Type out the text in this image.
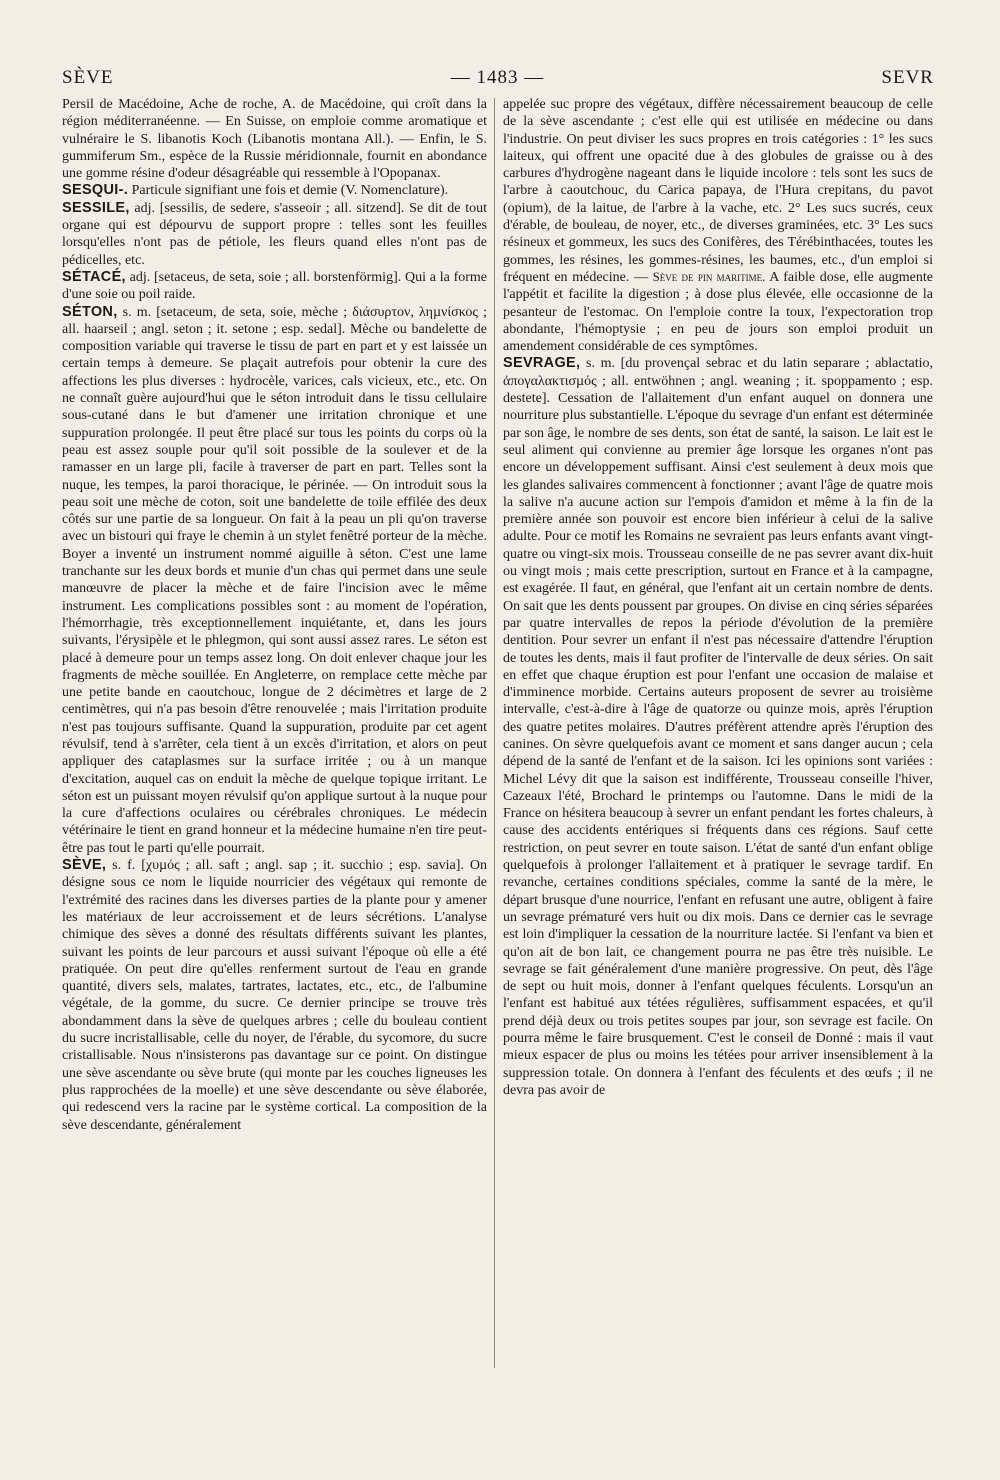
SÈVE	— 1483 —	SEVR

Persil de Macédoine, Ache de roche, A. de Macédoine, qui croît dans la région méditerranéenne. — En Suisse, on emploie comme aromatique et vulnéraire le S. libanotis Koch (Libanotis montana All.). — Enfin, le S. gummiferum Sm., espèce de la Russie méridionnale, fournit en abondance une gomme résine d'odeur désagréable qui ressemble à l'Opopanax.

SESQUI-. Particule signifiant une fois et demie (V. Nomenclature).

SESSILE, adj. [sessilis, de sedere, s'asseoir ; all. sitzend]. Se dit de tout organe qui est dépourvu de support propre : telles sont les feuilles lorsqu'elles n'ont pas de pétiole, les fleurs quand elles n'ont pas de pédicelles, etc.

SÉTACÉ, adj. [setaceus, de seta, soie ; all. borstenförmig]. Qui a la forme d'une soie ou poil raide.

SÉTON, s. m. [setaceum, de seta, soie, mèche ; διάσυρτον, ληµνίσκος ; all. haarseil ; angl. seton ; it. setone ; esp. sedal]. Mèche ou bandelette de composition variable qui traverse le tissu de part en part et y est laissée un certain temps à demeure. Se plaçait autrefois pour obtenir la cure des affections les plus diverses : hydrocèle, varices, cals vicieux, etc., etc. On ne connaît guère aujourd'hui que le séton introduit dans le tissu cellulaire sous-cutané dans le but d'amener une irritation chronique et une suppuration prolongée. Il peut être placé sur tous les points du corps où la peau est assez souple pour qu'il soit possible de la soulever et de la ramasser en un large pli, facile à traverser de part en part. Telles sont la nuque, les tempes, la paroi thoracique, le périnée. — On introduit sous la peau soit une mèche de coton, soit une bandelette de toile effilée des deux côtés sur une partie de sa longueur. On fait à la peau un pli qu'on traverse avec un bistouri qui fraye le chemin à un stylet fenêtré porteur de la mèche. Boyer a inventé un instrument nommé aiguille à séton. C'est une lame tranchante sur les deux bords et munie d'un chas qui permet dans une seule manœuvre de placer la mèche et de faire l'incision avec le même instrument. Les complications possibles sont : au moment de l'opération, l'hémorrhagie, très exceptionnellement inquiétante, et, dans les jours suivants, l'érysipèle et le phlegmon, qui sont aussi assez rares. Le séton est placé à demeure pour un temps assez long. On doit enlever chaque jour les fragments de mèche souillée. En Angleterre, on remplace cette mèche par une petite bande en caoutchouc, longue de 2 décimètres et large de 2 centimètres, qui n'a pas besoin d'être renouvelée ; mais l'irritation produite n'est pas toujours suffisante. Quand la suppuration, produite par cet agent révulsif, tend à s'arrêter, cela tient à un excès d'irritation, et alors on peut appliquer des cataplasmes sur la surface irritée ; ou à un manque d'excitation, auquel cas on enduit la mèche de quelque topique irritant. Le séton est un puissant moyen révulsif qu'on applique surtout à la nuque pour la cure d'affections oculaires ou cérébrales chroniques. Le médecin vétérinaire le tient en grand honneur et la médecine humaine n'en tire peut-être pas tout le parti qu'elle pourrait.

SÈVE, s. f. [χυµός ; all. saft ; angl. sap ; it. succhio ; esp. savia]. On désigne sous ce nom le liquide nourricier des végétaux qui remonte de l'extrémité des racines dans les diverses parties de la plante pour y amener les matériaux de leur accroissement et de leurs sécrétions. L'analyse chimique des sèves a donné des résultats différents suivant les plantes, suivant les points de leur parcours et aussi suivant l'époque où elle a été pratiquée. On peut dire qu'elles renferment surtout de l'eau en grande quantité, divers sels, malates, tartrates, lactates, etc., etc., de l'albumine végétale, de la gomme, du sucre. Ce dernier principe se trouve très abondamment dans la sève de quelques arbres ; celle du bouleau contient du sucre incristallisable, celle du noyer, de l'érable, du sycomore, du sucre cristallisable. Nous n'insisterons pas davantage sur ce point. On distingue une sève ascendante ou sève brute (qui monte par les couches ligneuses les plus rapprochées de la moelle) et une sève descendante ou sève élaborée, qui redescend vers la racine par le système cortical. La composition de la sève descendante, généralement

appelée suc propre des végétaux, diffère nécessairement beaucoup de celle de la sève ascendante ; c'est elle qui est utilisée en médecine ou dans l'industrie. On peut diviser les sucs propres en trois catégories : 1° les sucs laiteux, qui offrent une opacité due à des globules de graisse ou à des carbures d'hydrogène nageant dans le liquide incolore : tels sont les sucs de l'arbre à caoutchouc, du Carica papaya, de l'Hura crepitans, du pavot (opium), de la laitue, de l'arbre à la vache, etc. 2° Les sucs sucrés, ceux d'érable, de bouleau, de noyer, etc., de diverses graminées, etc. 3° Les sucs résineux et gommeux, les sucs des Conifères, des Térébinthacées, toutes les gommes, les résines, les gommes-résines, les baumes, etc., d'un emploi si fréquent en médecine. — Sève de pin maritime. A faible dose, elle augmente l'appétit et facilite la digestion ; à dose plus élevée, elle occasionne de la pesanteur de l'estomac. On l'emploie contre la toux, l'expectoration trop abondante, l'hémoptysie ; en peu de jours son emploi produit un amendement considérable de ces symptômes.

SEVRAGE, s. m. [du provençal sebrac et du latin separare ; ablactatio, ἀπογαλακτισµός ; all. entwöhnen ; angl. weaning ; it. spoppamento ; esp. destete]. Cessation de l'allaitement d'un enfant auquel on donnera une nourriture plus substantielle. L'époque du sevrage d'un enfant est déterminée par son âge, le nombre de ses dents, son état de santé, la saison. Le lait est le seul aliment qui convienne au premier âge lorsque les organes n'ont pas encore un développement suffisant. Ainsi c'est seulement à deux mois que les glandes salivaires commencent à fonctionner ; avant l'âge de quatre mois la salive n'a aucune action sur l'empois d'amidon et même à la fin de la première année son pouvoir est encore bien inférieur à celui de la salive adulte. Pour ce motif les Romains ne sevraient pas leurs enfants avant vingt-quatre ou vingt-six mois. Trousseau conseille de ne pas sevrer avant dix-huit ou vingt mois ; mais cette prescription, surtout en France et à la campagne, est exagérée. Il faut, en général, que l'enfant ait un certain nombre de dents. On sait que les dents poussent par groupes. On divise en cinq séries séparées par quatre intervalles de repos la période d'évolution de la première dentition. Pour sevrer un enfant il n'est pas nécessaire d'attendre l'éruption de toutes les dents, mais il faut profiter de l'intervalle de deux séries. On sait en effet que chaque éruption est pour l'enfant une occasion de malaise et d'imminence morbide. Certains auteurs proposent de sevrer au troisième intervalle, c'est-à-dire à l'âge de quatorze ou quinze mois, après l'éruption des quatre petites molaires. D'autres préfèrent attendre après l'éruption des canines. On sèvre quelquefois avant ce moment et sans danger aucun ; cela dépend de la santé de l'enfant et de la saison. Ici les opinions sont variées : Michel Lévy dit que la saison est indifférente, Trousseau conseille l'hiver, Cazeaux l'été, Brochard le printemps ou l'automne. Dans le midi de la France on hésitera beaucoup à sevrer un enfant pendant les fortes chaleurs, à cause des accidents entériques si fréquents dans ces régions. Sauf cette restriction, on peut sevrer en toute saison. L'état de santé d'un enfant oblige quelquefois à prolonger l'allaitement et à pratiquer le sevrage tardif. En revanche, certaines conditions spéciales, comme la santé de la mère, le départ brusque d'une nourrice, l'enfant en refusant une autre, obligent à faire un sevrage prématuré vers huit ou dix mois. Dans ce dernier cas le sevrage est loin d'impliquer la cessation de la nourriture lactée. Si l'enfant va bien et qu'on ait de bon lait, ce changement pourra ne pas être très nuisible. Le sevrage se fait généralement d'une manière progressive. On peut, dès l'âge de sept ou huit mois, donner à l'enfant quelques féculents. Lorsqu'un an l'enfant est habitué aux tétées régulières, suffisamment espacées, et qu'il prend déjà deux ou trois petites soupes par jour, son sevrage est facile. On pourra même le faire brusquement. C'est le conseil de Donné : mais il vaut mieux espacer de plus ou moins les tétées pour arriver insensiblement à la suppression totale. On donnera à l'enfant des féculents et des œufs ; il ne devra pas avoir de
